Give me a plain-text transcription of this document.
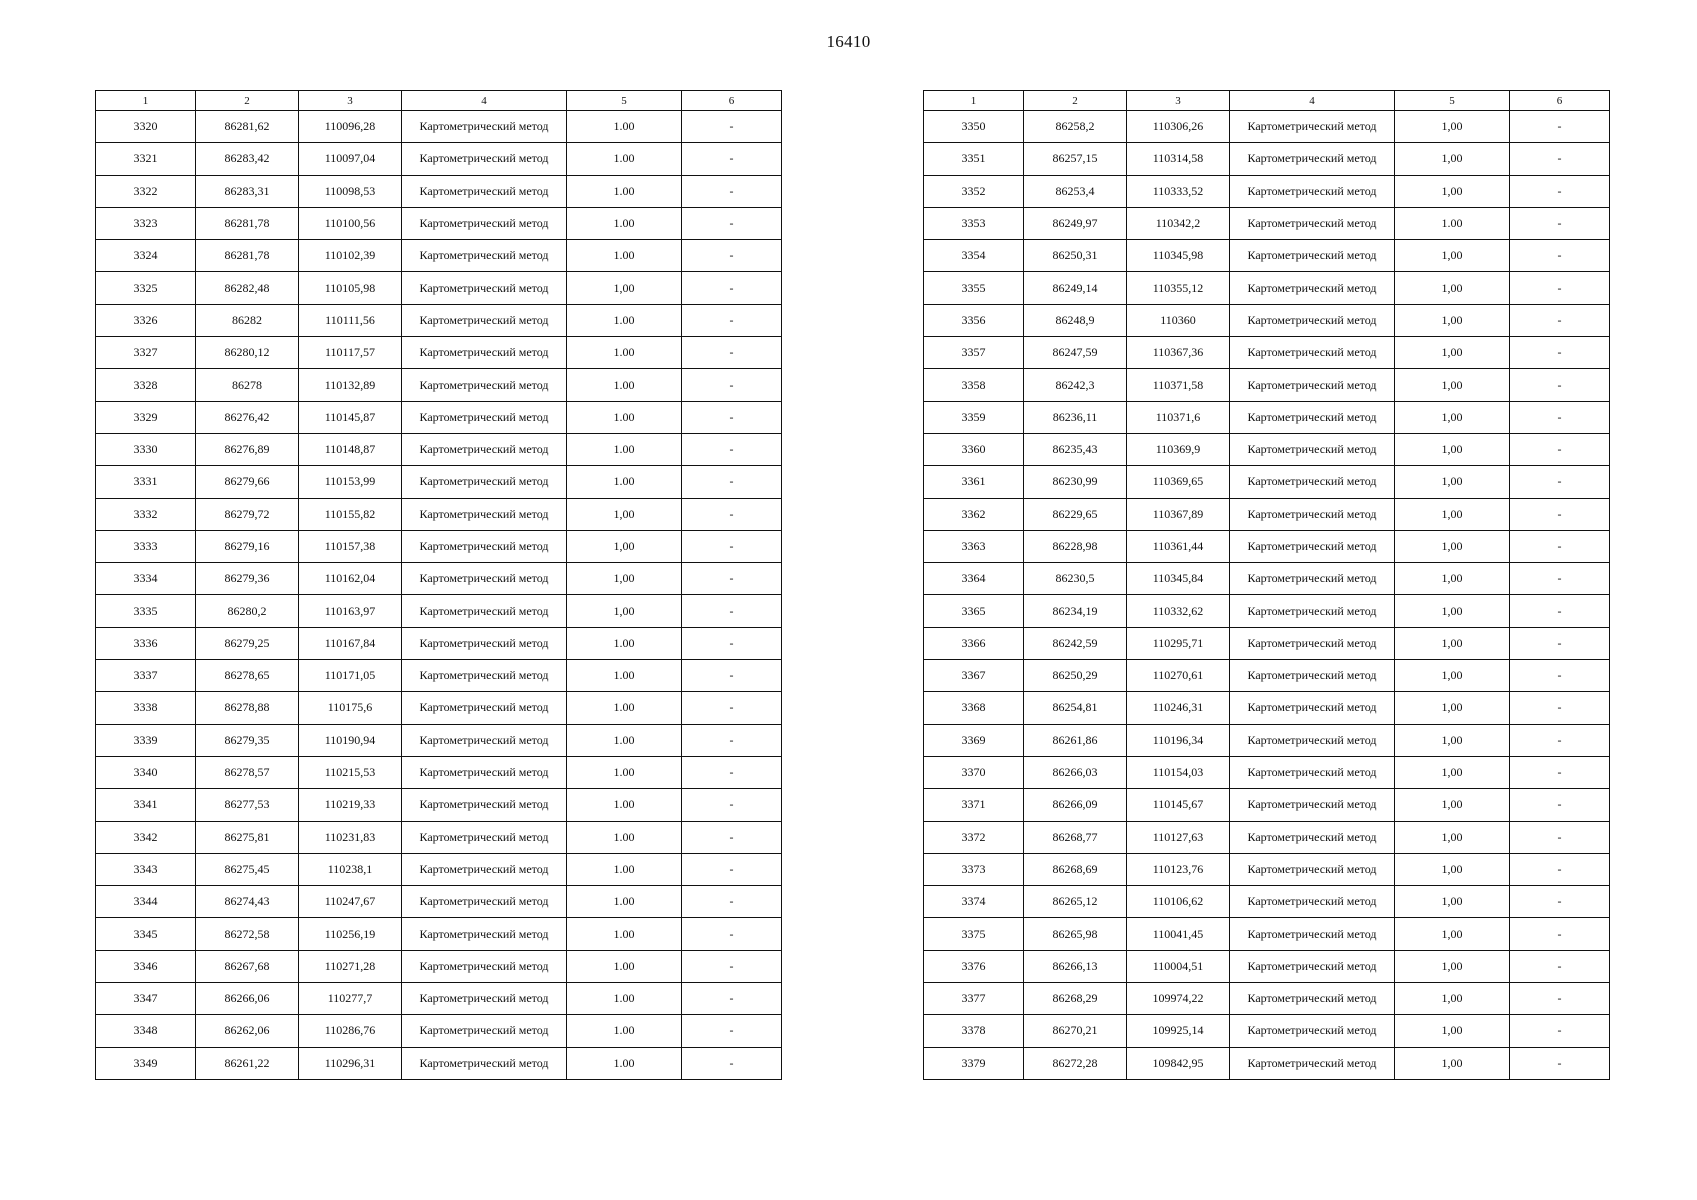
16410
1	2	3	4	5	6
3320	86281,62	110096,28	Картометрический метод	1.00	-
3321	86283,42	110097,04	Картометрический метод	1.00	-
3322	86283,31	110098,53	Картометрический метод	1.00	-
3323	86281,78	110100,56	Картометрический метод	1.00	-
3324	86281,78	110102,39	Картометрический метод	1.00	-
3325	86282,48	110105,98	Картометрический метод	1,00	-
3326	86282	110111,56	Картометрический метод	1.00	-
3327	86280,12	110117,57	Картометрический метод	1.00	-
3328	86278	110132,89	Картометрический метод	1.00	-
3329	86276,42	110145,87	Картометрический метод	1.00	-
3330	86276,89	110148,87	Картометрический метод	1.00	-
3331	86279,66	110153,99	Картометрический метод	1.00	-
3332	86279,72	110155,82	Картометрический метод	1,00	-
3333	86279,16	110157,38	Картометрический метод	1,00	-
3334	86279,36	110162,04	Картометрический метод	1,00	-
3335	86280,2	110163,97	Картометрический метод	1,00	-
3336	86279,25	110167,84	Картометрический метод	1.00	-
3337	86278,65	110171,05	Картометрический метод	1.00	-
3338	86278,88	110175,6	Картометрический метод	1.00	-
3339	86279,35	110190,94	Картометрический метод	1.00	-
3340	86278,57	110215,53	Картометрический метод	1.00	-
3341	86277,53	110219,33	Картометрический метод	1.00	-
3342	86275,81	110231,83	Картометрический метод	1.00	-
3343	86275,45	110238,1	Картометрический метод	1.00	-
3344	86274,43	110247,67	Картометрический метод	1.00	-
3345	86272,58	110256,19	Картометрический метод	1.00	-
3346	86267,68	110271,28	Картометрический метод	1.00	-
3347	86266,06	110277,7	Картометрический метод	1.00	-
3348	86262,06	110286,76	Картометрический метод	1.00	-
3349	86261,22	110296,31	Картометрический метод	1.00	-
1	2	3	4	5	6
3350	86258,2	110306,26	Картометрический метод	1,00	-
3351	86257,15	110314,58	Картометрический метод	1,00	-
3352	86253,4	110333,52	Картометрический метод	1,00	-
3353	86249,97	110342,2	Картометрический метод	1.00	-
3354	86250,31	110345,98	Картометрический метод	1,00	-
3355	86249,14	110355,12	Картометрический метод	1,00	-
3356	86248,9	110360	Картометрический метод	1,00	-
3357	86247,59	110367,36	Картометрический метод	1,00	-
3358	86242,3	110371,58	Картометрический метод	1,00	-
3359	86236,11	110371,6	Картометрический метод	1,00	-
3360	86235,43	110369,9	Картометрический метод	1,00	-
3361	86230,99	110369,65	Картометрический метод	1,00	-
3362	86229,65	110367,89	Картометрический метод	1,00	-
3363	86228,98	110361,44	Картометрический метод	1,00	-
3364	86230,5	110345,84	Картометрический метод	1,00	-
3365	86234,19	110332,62	Картометрический метод	1,00	-
3366	86242,59	110295,71	Картометрический метод	1,00	-
3367	86250,29	110270,61	Картометрический метод	1,00	-
3368	86254,81	110246,31	Картометрический метод	1,00	-
3369	86261,86	110196,34	Картометрический метод	1,00	-
3370	86266,03	110154,03	Картометрический метод	1,00	-
3371	86266,09	110145,67	Картометрический метод	1,00	-
3372	86268,77	110127,63	Картометрический метод	1,00	-
3373	86268,69	110123,76	Картометрический метод	1,00	-
3374	86265,12	110106,62	Картометрический метод	1,00	-
3375	86265,98	110041,45	Картометрический метод	1,00	-
3376	86266,13	110004,51	Картометрический метод	1,00	-
3377	86268,29	109974,22	Картометрический метод	1,00	-
3378	86270,21	109925,14	Картометрический метод	1,00	-
3379	86272,28	109842,95	Картометрический метод	1,00	-
